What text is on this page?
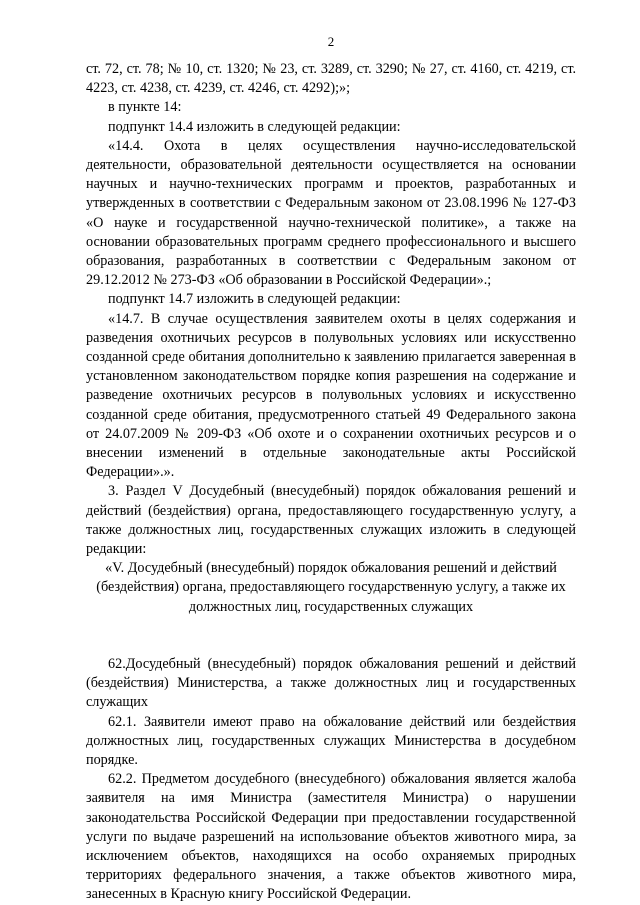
2

ст. 72, ст. 78; № 10, ст. 1320; № 23, ст. 3289, ст. 3290; № 27, ст. 4160, ст. 4219, ст. 4223, ст. 4238, ст. 4239, ст. 4246, ст. 4292);»;

в пункте 14:

подпункт 14.4 изложить в следующей редакции:

«14.4. Охота в целях осуществления научно-исследовательской деятельности, образовательной деятельности осуществляется на основании научных и научно-технических программ и проектов, разработанных и утвержденных в соответствии с Федеральным законом от 23.08.1996 № 127-ФЗ «О науке и государственной научно-технической политике», а также на основании образовательных программ среднего профессионального и высшего образования, разработанных в соответствии с Федеральным законом от 29.12.2012 № 273-ФЗ «Об образовании в Российской Федерации».;

подпункт 14.7 изложить в следующей редакции:

«14.7. В случае осуществления заявителем охоты в целях содержания и разведения охотничьих ресурсов в полувольных условиях или искусственно созданной среде обитания дополнительно к заявлению прилагается заверенная в установленном законодательством порядке копия разрешения на содержание и разведение охотничьих ресурсов в полувольных условиях и искусственно созданной среде обитания, предусмотренного статьей 49 Федерального закона от 24.07.2009 № 209-ФЗ «Об охоте и о сохранении охотничьих ресурсов и о внесении изменений в отдельные законодательные акты Российской Федерации».».

3. Раздел V Досудебный (внесудебный) порядок обжалования решений и действий (бездействия) органа, предоставляющего государственную услугу, а также должностных лиц, государственных служащих изложить в следующей редакции:

«V. Досудебный (внесудебный) порядок обжалования решений и действий (бездействия) органа, предоставляющего государственную услугу, а также их должностных лиц, государственных служащих

62.Досудебный (внесудебный) порядок обжалования решений и действий (бездействия) Министерства, а также должностных лиц и государственных служащих

62.1. Заявители имеют право на обжалование действий или бездействия должностных лиц, государственных служащих Министерства в досудебном порядке.

62.2. Предметом досудебного (внесудебного) обжалования является жалоба заявителя на имя Министра (заместителя Министра) о нарушении законодательства Российской Федерации при предоставлении государственной услуги по выдаче разрешений на использование объектов животного мира, за исключением объектов, находящихся на особо охраняемых природных территориях федерального значения, а также объектов животного мира, занесенных в Красную книгу Российской Федерации.
